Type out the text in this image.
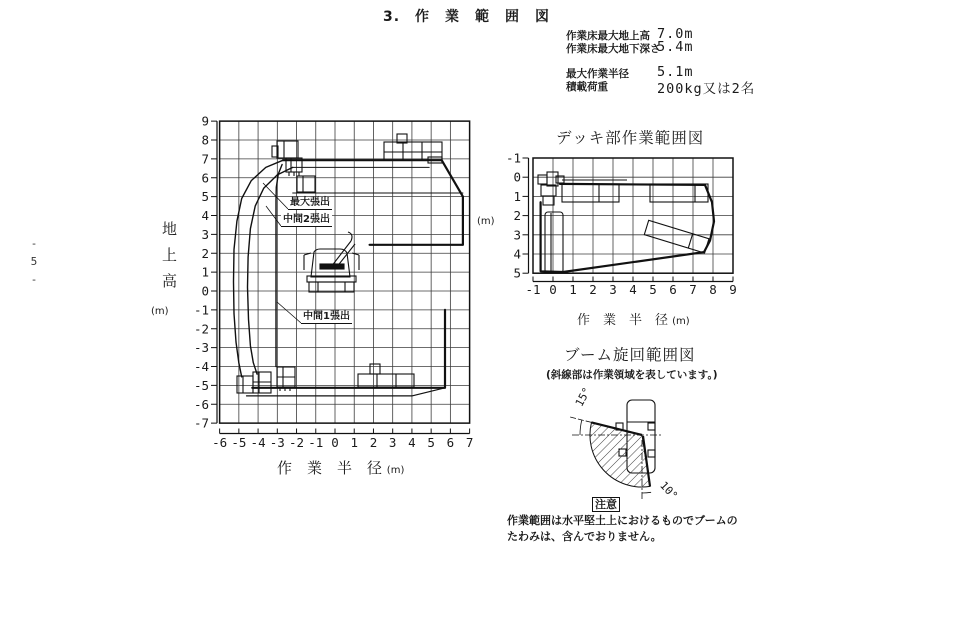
9
8
7
6
5
4
3
2
1
0
-1
-2
-3
-4
-5
-6
-7
-6 -5 -4 -3 -2 -1 0 1 2 3 4 5 6 7
-1
0
1
2
3
4
5
-1 0 1 2 3 4 5 6 7 8 9
15°
10°
3.　作　業　範　囲　図
-5-
作業床最大地上高 7.0m
作業床最大地下深さ
5.4m
最大作業半径 5.1m
積載荷重	200kg又は2名
地上高
(m)
作　業　半　径 (m)
デッキ部作業範囲図
(m)
作　業　半　径 (m)
最大張出
中間2張出
中間1張出
ブーム旋回範囲図
(斜線部は作業領域を表しています。)
注意
作業範囲は水平堅土上におけるものでブームの
たわみは、含んでおりません。
